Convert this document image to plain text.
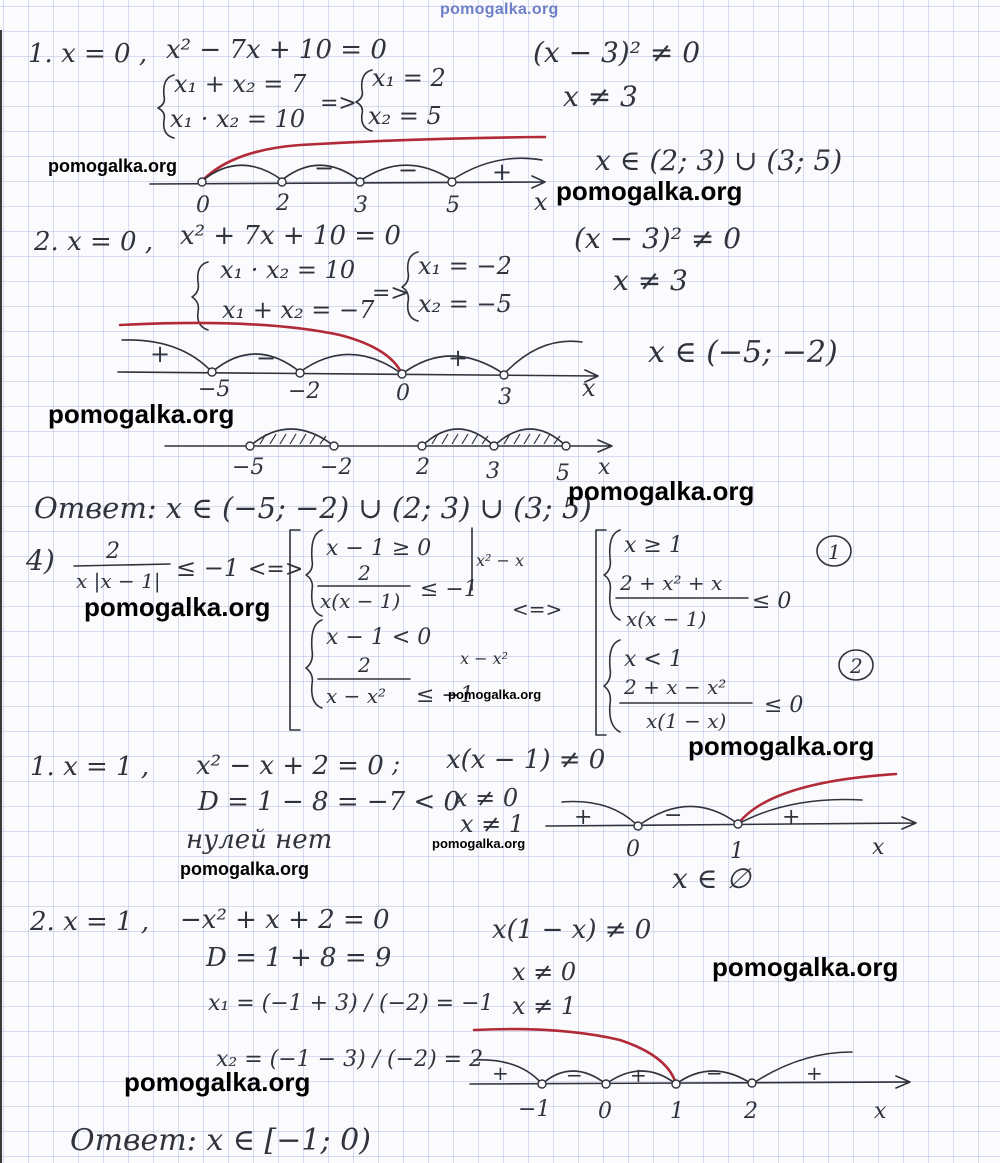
pomogalka.org
1. x = 0 , x² − 7x + 10 = 0
x₁ + x₂ = 7
x₁ · x₂ = 10
=>
x₁ = 2
x₂ = 5
(x − 3)² ≠ 0
x ≠ 3
x ∈ (2; 3) ∪ (3; 5)
0	2	3	5
−	−	+
x
2. x = 0 , x² + 7x + 10 = 0
x₁ · x₂ = 10
x₁ + x₂ = −7
=>
x₁ = −2
x₂ = −5
(x − 3)² ≠ 0
x ≠ 3
x ∈ (−5; −2)
−5	−2	0	3
+	−	+
x
−5	−2	2	3	5 x
Ответ: x ∈ (−5; −2) ∪ (2; 3) ∪ (3; 5)
4) 2
x |x − 1| ≤ −1 <=>
x − 1 ≥ 0
2
x(x − 1) ≤ −1
x² − x
x − 1 < 0
2
x − x² ≤ −1
x − x²
<=>
x ≥ 1
2 + x² + x
x(x − 1)
≤ 0
1
x < 1
2 + x − x²
x(1 − x)
≤ 0
2
1. x = 1 , x² − x + 2 = 0 ;
D = 1 − 8 = −7 < 0
нулей нет
x(x − 1) ≠ 0
x ≠ 0
x ≠ 1
x ∈ ∅
0	1
+	−	+
x
2. x = 1 , −x² + x + 2 = 0
D = 1 + 8 = 9
x₁ = (−1 + 3) / (−2) = −1
x₂ = (−1 − 3) / (−2) = 2
x(1 − x) ≠ 0
x ≠ 0
x ≠ 1
−1 0	1	2
+	− +	−	+
x
Ответ: x ∈ [−1; 0)
pomogalka.org
pomogalka.org
pomogalka.org
pomogalka.org
pomogalka.org
pomogalka.org
pomogalka.org
pomogalka.org
pomogalka.org
pomogalka.org
pomogalka.org
